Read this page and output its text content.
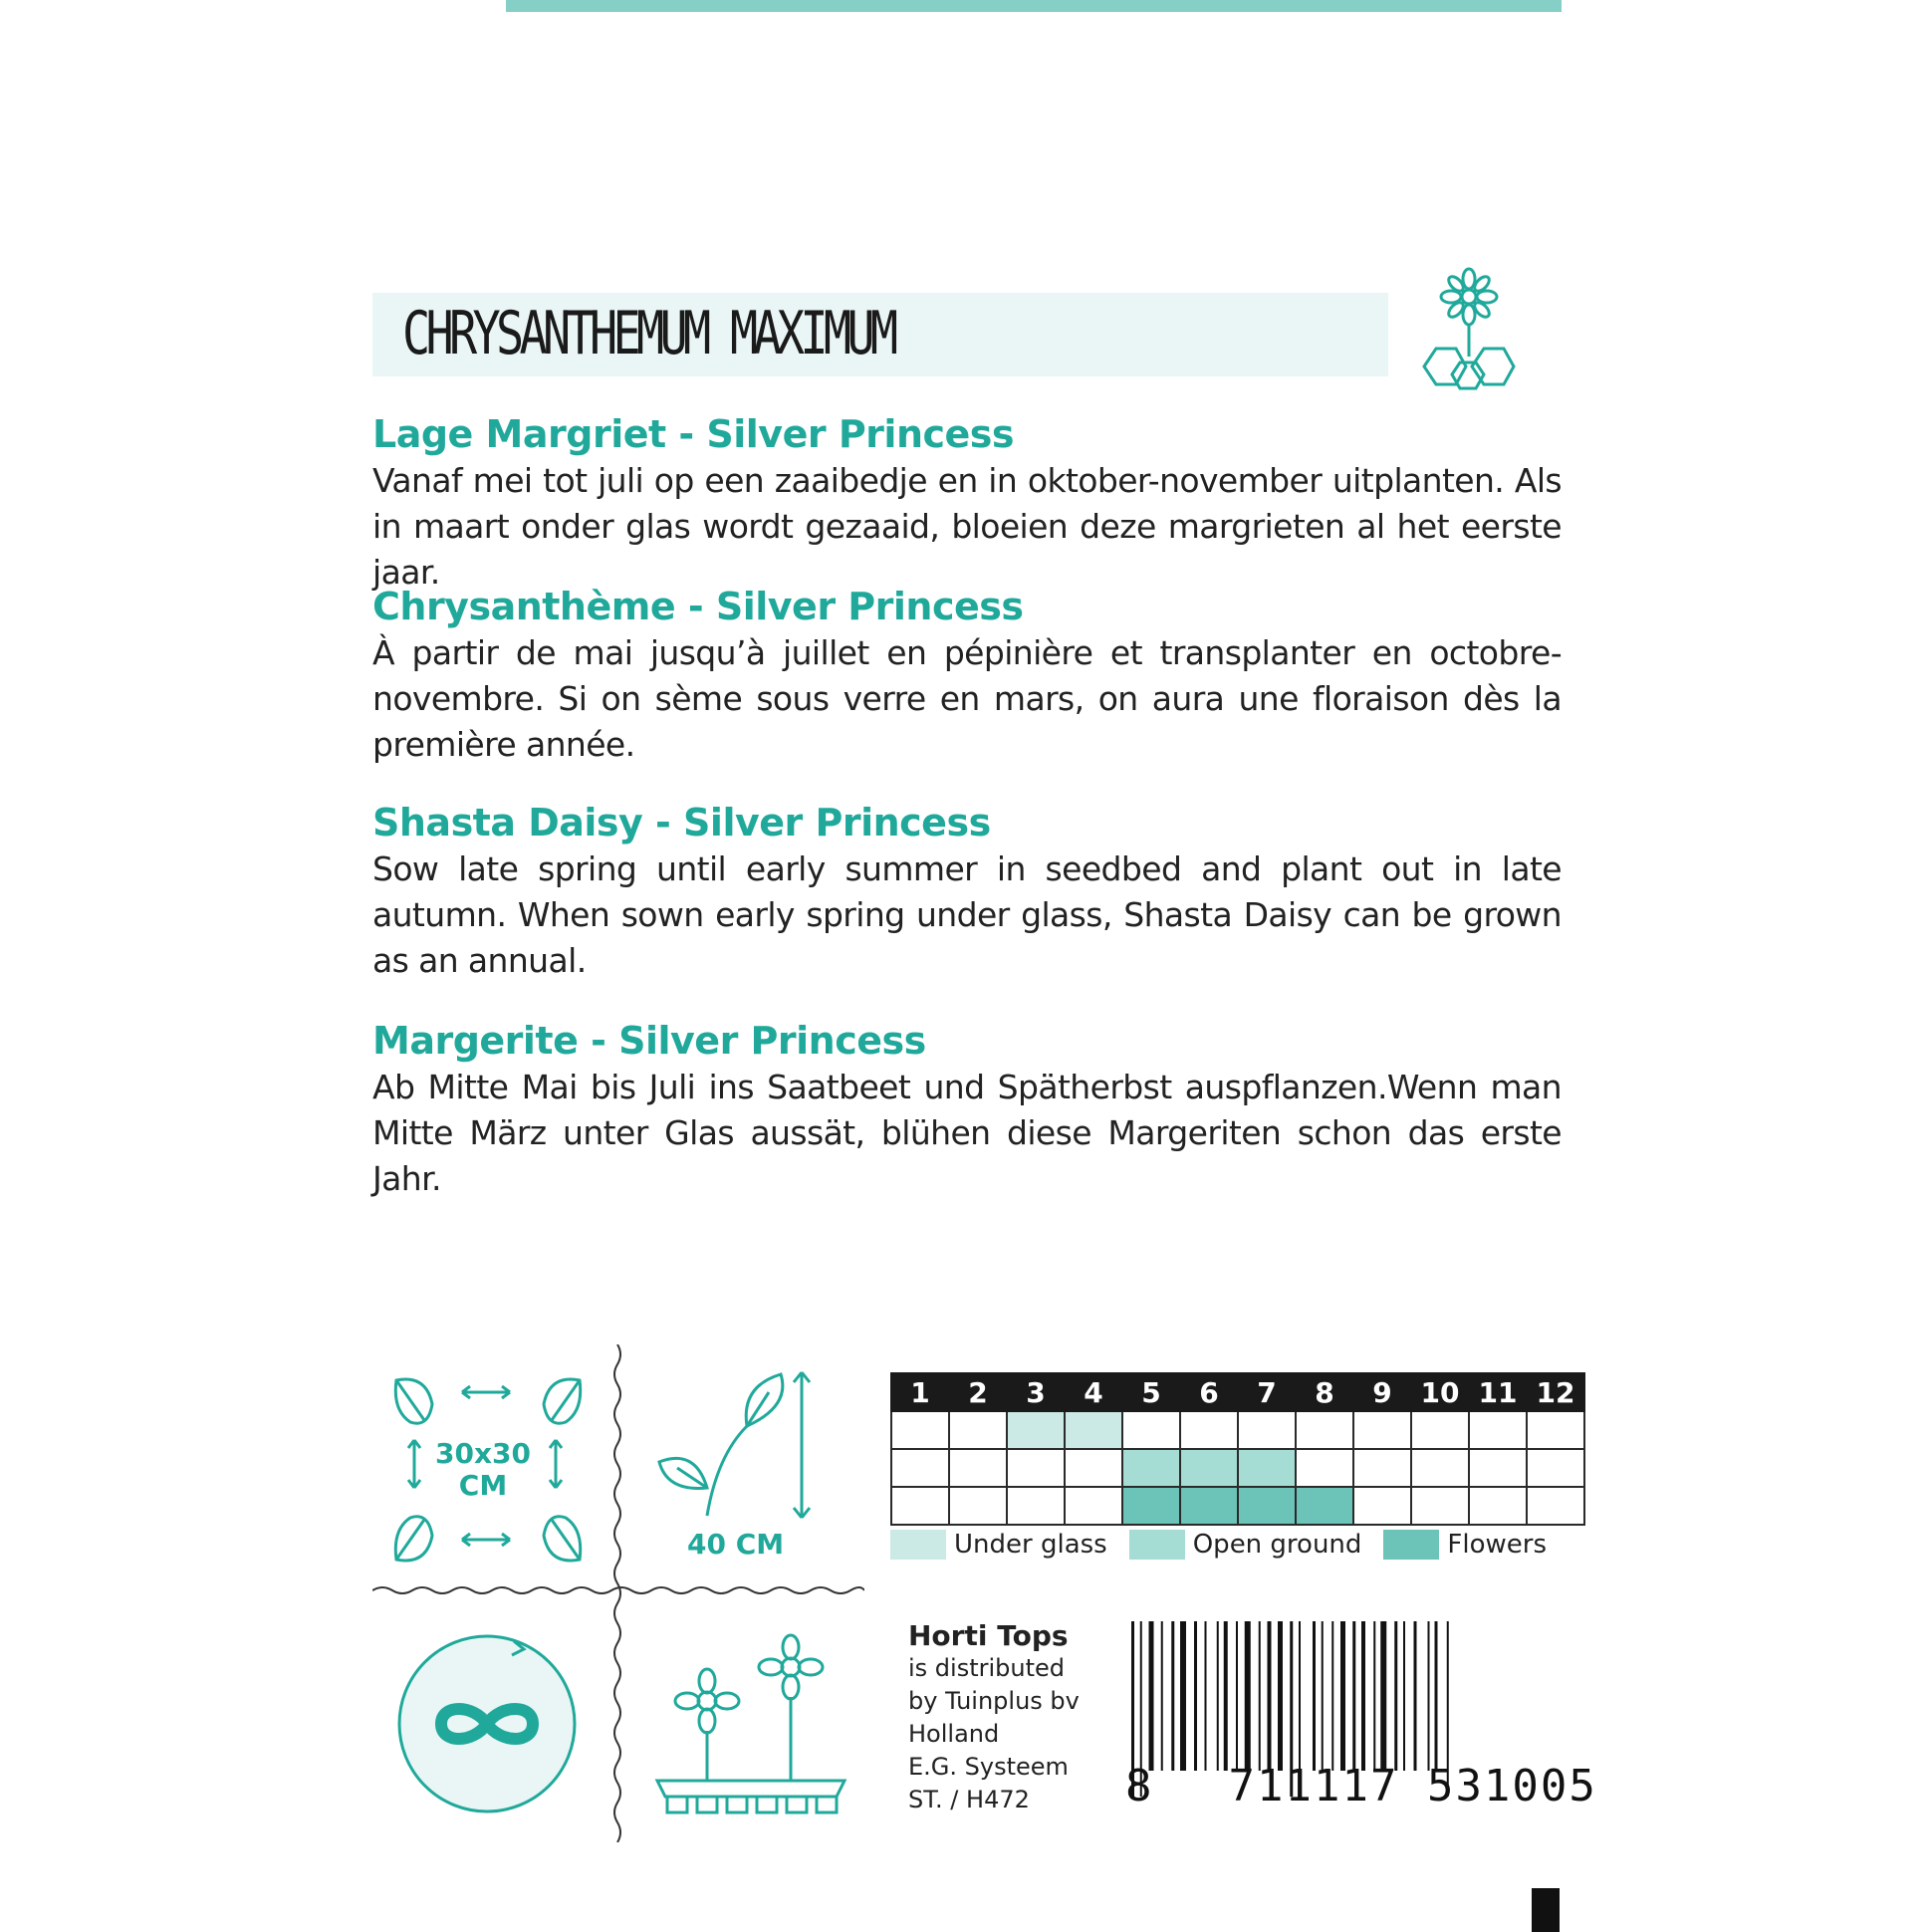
CHRYSANTHEMUM MAXIMUM
Lage Margriet - Silver Princess
Vanaf mei tot juli op een zaaibedje en in oktober-november uitplanten. Als in maart onder glas wordt gezaaid, bloeien deze margrieten al het eerste jaar.
Chrysanthème - Silver Princess
À partir de mai jusqu’à juillet en pépinière et transplanter en octobre-novembre. Si on sème sous verre en mars, on aura une floraison dès la première année.
Shasta Daisy - Silver Princess
Sow late spring until early summer in seedbed and plant out in late autumn. When sown early spring under glass, Shasta Daisy can be grown as an annual.
Margerite - Silver Princess
Ab Mitte Mai bis Juli ins Saatbeet und Spätherbst auspflanzen.Wenn man Mitte März unter Glas aussät, blühen diese Margeriten schon das erste Jahr.
30x30
CM
40 CM
1	2	3	4	5	6	7	8	9	10	11	12

Under glass	Open ground	Flowers
Horti Tops
is distributed
by Tuinplus bv
Holland
E.G. Systeem
ST. / H472	8 711117 531005
